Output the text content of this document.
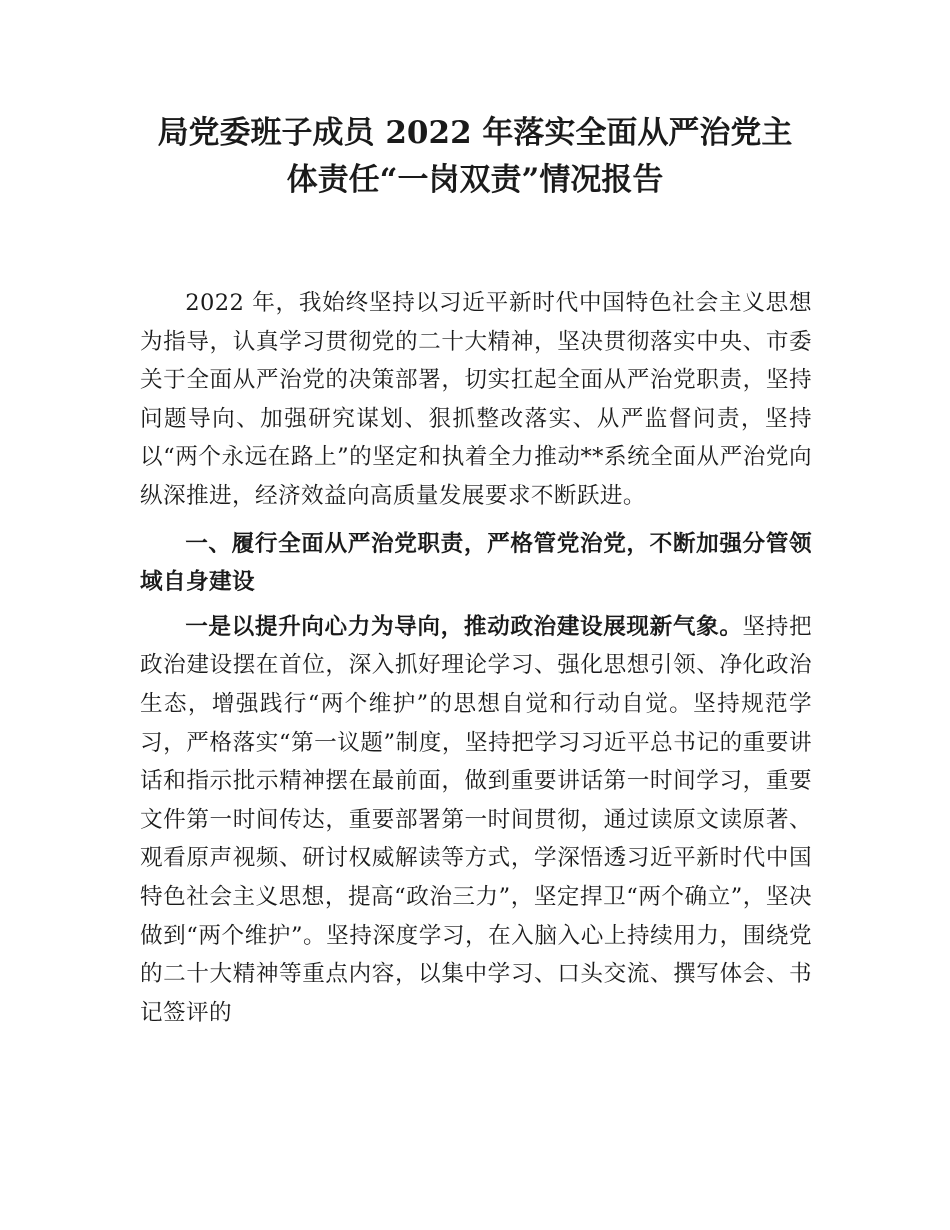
局党委班子成员 2022 年落实全面从严治党主
体责任“一岗双责”情况报告

2022 年，我始终坚持以习近平新时代中国特色社会主义思想为指导，认真学习贯彻党的二十大精神，坚决贯彻落实中央、市委关于全面从严治党的决策部署，切实扛起全面从严治党职责，坚持问题导向、加强研究谋划、狠抓整改落实、从严监督问责，坚持以“两个永远在路上”的坚定和执着全力推动**系统全面从严治党向纵深推进，经济效益向高质量发展要求不断跃进。

一、履行全面从严治党职责，严格管党治党，不断加强分管领域自身建设

一是以提升向心力为导向，推动政治建设展现新气象。坚持把政治建设摆在首位，深入抓好理论学习、强化思想引领、净化政治生态，增强践行“两个维护”的思想自觉和行动自觉。坚持规范学习，严格落实“第一议题”制度，坚持把学习习近平总书记的重要讲话和指示批示精神摆在最前面，做到重要讲话第一时间学习，重要文件第一时间传达，重要部署第一时间贯彻，通过读原文读原著、观看原声视频、研讨权威解读等方式，学深悟透习近平新时代中国特色社会主义思想，提高“政治三力”，坚定捍卫“两个确立”，坚决做到“两个维护”。坚持深度学习，在入脑入心上持续用力，围绕党的二十大精神等重点内容，以集中学习、口头交流、撰写体会、书记签评的
